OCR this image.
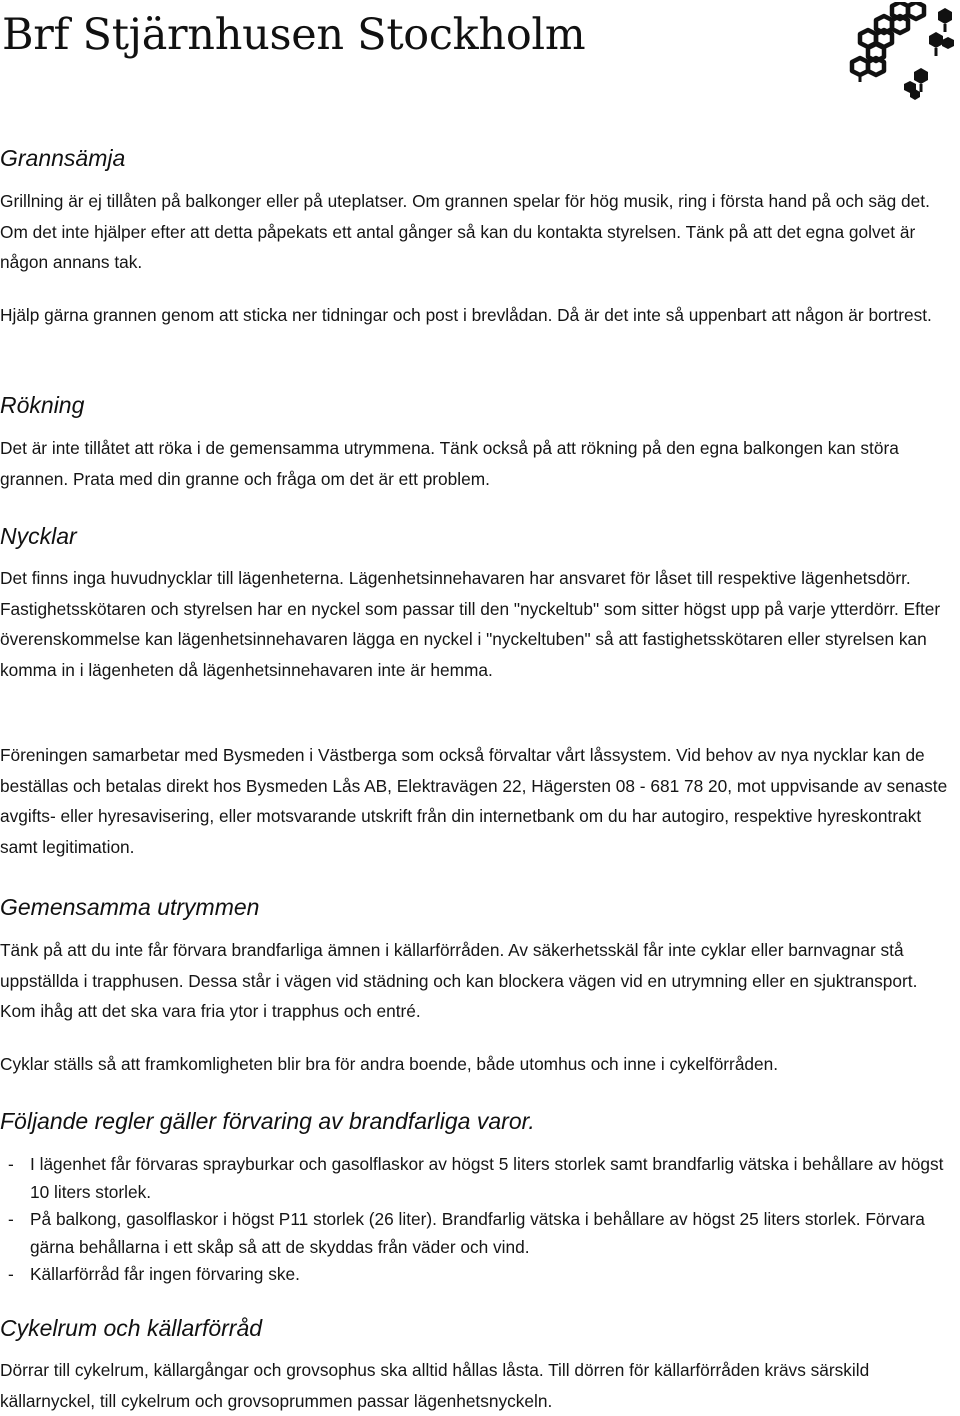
Brf Stjärnhusen Stockholm
Grannsämja

Grillning är ej tillåten på balkonger eller på uteplatser. Om grannen spelar för hög musik, ring i första hand på och säg det. Om det inte hjälper efter att detta påpekats ett antal gånger så kan du kontakta styrelsen. Tänk på att det egna golvet är någon annans tak.

Hjälp gärna grannen genom att sticka ner tidningar och post i brevlådan. Då är det inte så uppenbart att någon är bortrest.

Rökning

Det är inte tillåtet att röka i de gemensamma utrymmena. Tänk också på att rökning på den egna balkongen kan störa grannen. Prata med din granne och fråga om det är ett problem.

Nycklar

Det finns inga huvudnycklar till lägenheterna. Lägenhetsinnehavaren har ansvaret för låset till respektive lägenhetsdörr. Fastighetsskötaren och styrelsen har en nyckel som passar till den "nyckeltub" som sitter högst upp på varje ytterdörr. Efter överenskommelse kan lägenhetsinnehavaren lägga en nyckel i "nyckeltuben" så att fastighetsskötaren eller styrelsen kan komma in i lägenheten då lägenhetsinnehavaren inte är hemma.

Föreningen samarbetar med Bysmeden i Västberga som också förvaltar vårt låssystem. Vid behov av nya nycklar kan de beställas och betalas direkt hos Bysmeden Lås AB, Elektravägen 22, Hägersten 08 - 681 78 20, mot uppvisande av senaste avgifts- eller hyresavisering, eller motsvarande utskrift från din internetbank om du har autogiro, respektive hyreskontrakt samt legitimation.

Gemensamma utrymmen

Tänk på att du inte får förvara brandfarliga ämnen i källarförråden. Av säkerhetsskäl får inte cyklar eller barnvagnar stå uppställda i trapphusen. Dessa står i vägen vid städning och kan blockera vägen vid en utrymning eller en sjuktransport. Kom ihåg att det ska vara fria ytor i trapphus och entré.

Cyklar ställs så att framkomligheten blir bra för andra boende, både utomhus och inne i cykelförråden.

Följande regler gäller förvaring av brandfarliga varor.
- I lägenhet får förvaras sprayburkar och gasolflaskor av högst 5 liters storlek samt brandfarlig vätska i behållare av högst 10 liters storlek.
- På balkong, gasolflaskor i högst P11 storlek (26 liter). Brandfarlig vätska i behållare av högst 25 liters storlek. Förvara gärna behållarna i ett skåp så att de skyddas från väder och vind.
- Källarförråd får ingen förvaring ske.
Cykelrum och källarförråd

Dörrar till cykelrum, källargångar och grovsophus ska alltid hållas låsta. Till dörren för källarförråden krävs särskild källarnyckel, till cykelrum och grovsoprummen passar lägenhetsnyckeln.
